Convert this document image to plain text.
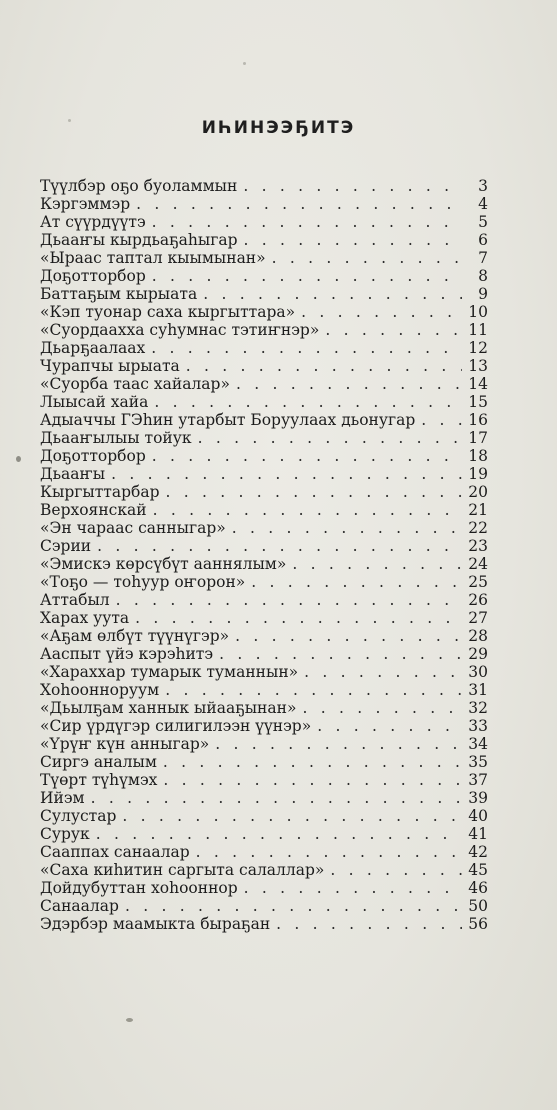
ИҺИНЭЭҔИТЭ
Түүлбэр оҕо буоламмын . . .	3
Кэргэммэр . . .	4
Ат сүүрдүүтэ . . .	5
Дьааҥы кырдьаҕаһыгар . . .	6
«Ыраас таптал кыымынан» . . .	7
Доҕотторбор . . .	8
Баттаҕым кырыата . . .	9
«Кэп туонар саха кыргыттара» . . .	10
«Суордаахха суһумнас тэтиҥнэр» . . .	11
Дьарҕаалаах . . .	12
Чурапчы ырыата . . .	13
«Суорба таас хайалар» . . .	14
Лыысай хайа . . .	15
Адыаччы ГЭһин утарбыт Боруулаах дьонугар . . .	16
Дьааҥылыы тойук . . .	17
Доҕотторбор . . .	18
Дьааҥы . . .	19
Кыргыттарбар . . .	20
Верхоянскай . . .	21
«Эн чараас санныгар» . . .	22
Сэрии . . .	23
«Эмискэ көрсүбүт ааннялым» . . .	24
«Тоҕо — тоһуур оҥорон» . . .	25
Аттабыл . . .	26
Харах уута . . .	27
«Аҕам өлбүт түүнүгэр» . . .	28
Ааспыт үйэ кэрэһитэ . . .	29
«Хараххар тумарык туманнын» . . .	30
Хоһоонноруум . . .	31
«Дьылҕам ханнык ыйааҕынан» . . .	32
«Сир үрдүгэр силигилээн үүнэр» . . .	33
«Үрүҥ күн анныгар» . . .	34
Сиргэ аналым . . .	35
Түөрт түһүмэх . . .	37
Ийэм . . .	39
Сулустар . . .	40
Сурук . . .	41
Сааппах санаалар . . .	42
«Саха киһитин саргыта салаллар» . . .	45
Дойдубуттан хоһооннор . . .	46
Санаалар . . .	50
Эдэрбэр маамыкта быраҕан . . .	56
